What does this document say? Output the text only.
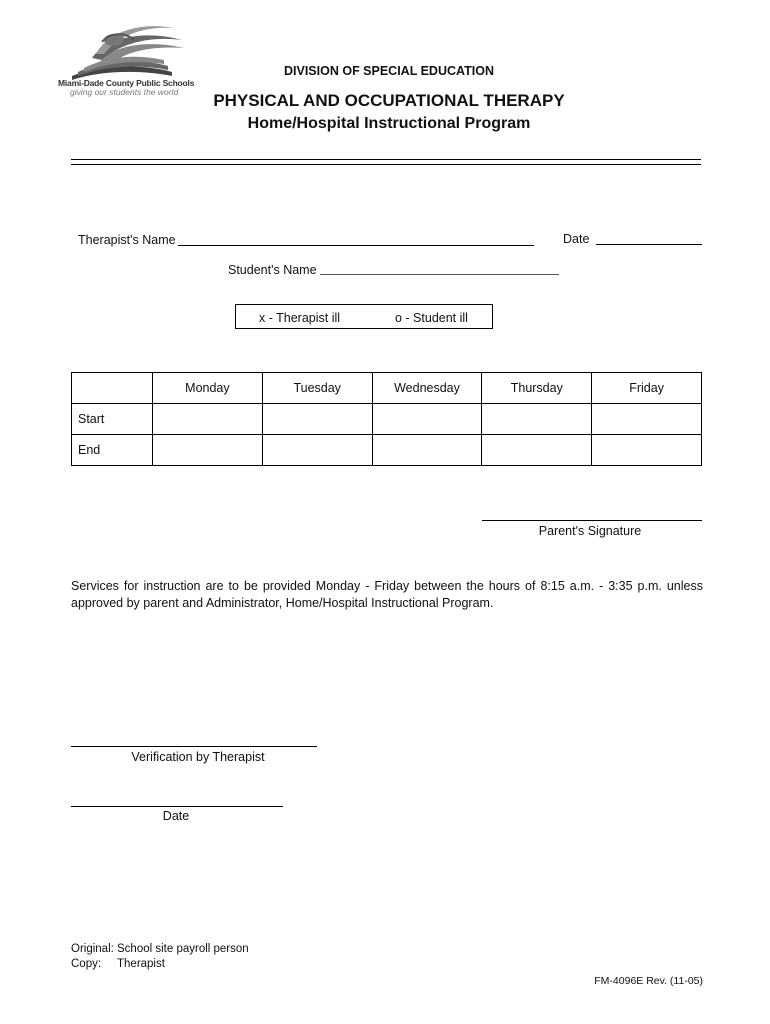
Miami-Dade County Public Schools
giving our students the world
DIVISION OF SPECIAL EDUCATION
PHYSICAL AND OCCUPATIONAL THERAPY
Home/Hospital Instructional Program
Therapist's Name	Date
Student's Name
x - Therapist ill	o - Student ill
	Monday	Tuesday	Wednesday	Thursday	Friday
Start					
End					
Parent's Signature
Services for instruction are to be provided Monday - Friday between the hours of 8:15 a.m. - 3:35 p.m. unless approved by parent and Administrator, Home/Hospital Instructional Program.
Verification by Therapist
Date
Original: School site payroll person
Copy: Therapist
FM-4096E Rev. (11-05)
